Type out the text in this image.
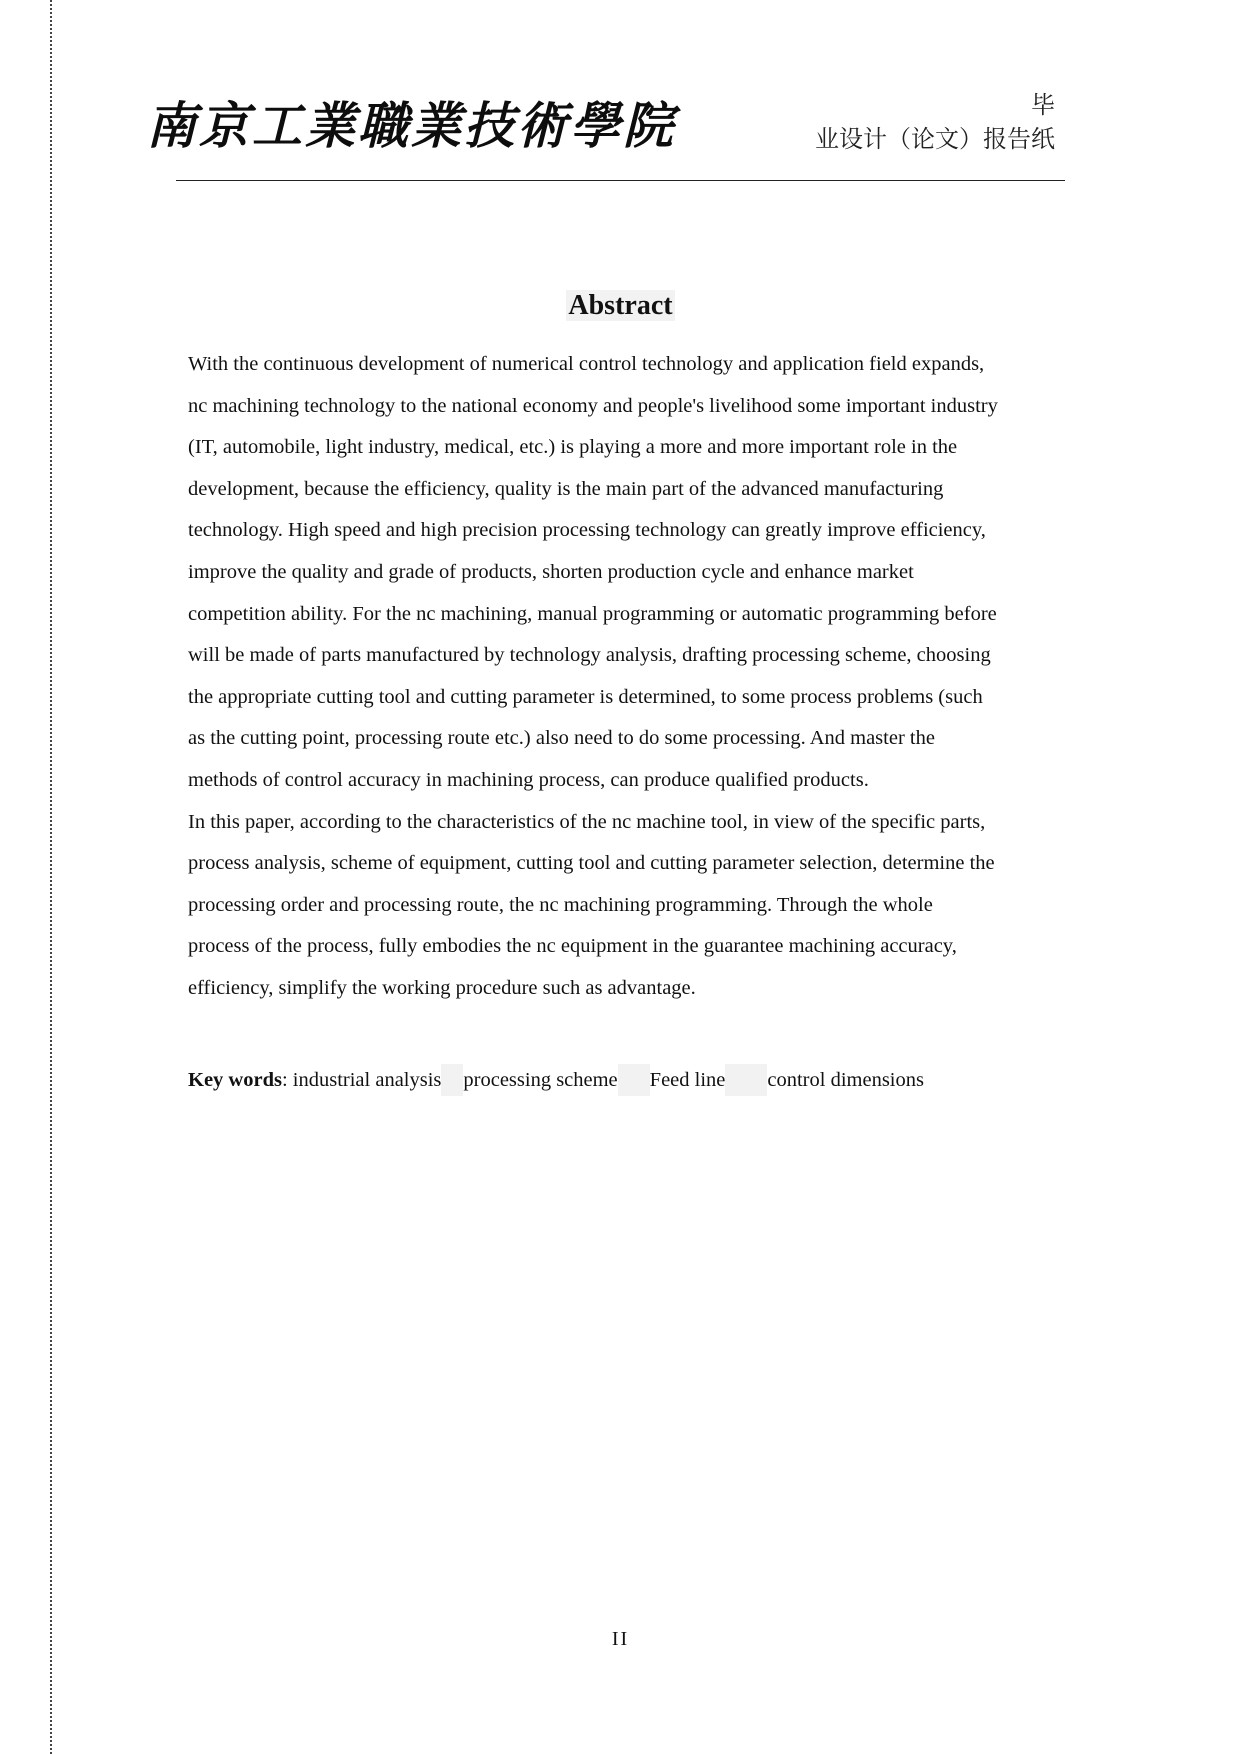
南京工業職業技術學院	毕
业设计（论文）报告纸
Abstract
With the continuous development of numerical control technology and application field expands,
nc machining technology to the national economy and people's livelihood some important industry
(IT, automobile, light industry, medical, etc.) is playing a more and more important role in the
development, because the efficiency, quality is the main part of the advanced manufacturing
technology. High speed and high precision processing technology can greatly improve efficiency,
improve the quality and grade of products, shorten production cycle and enhance market
competition ability. For the nc machining, manual programming or automatic programming before
will be made of parts manufactured by technology analysis, drafting processing scheme, choosing
the appropriate cutting tool and cutting parameter is determined, to some process problems (such
as the cutting point, processing route etc.) also need to do some processing. And master the
methods of control accuracy in machining process, can produce qualified products.
In this paper, according to the characteristics of the nc machine tool, in view of the specific parts,
process analysis, scheme of equipment, cutting tool and cutting parameter selection, determine the
processing order and processing route, the nc machining programming. Through the whole
process of the process, fully embodies the nc equipment in the guarantee machining accuracy,
efficiency, simplify the working procedure such as advantage.
Key words: industrial analysis processing scheme Feed line control dimensions
II
